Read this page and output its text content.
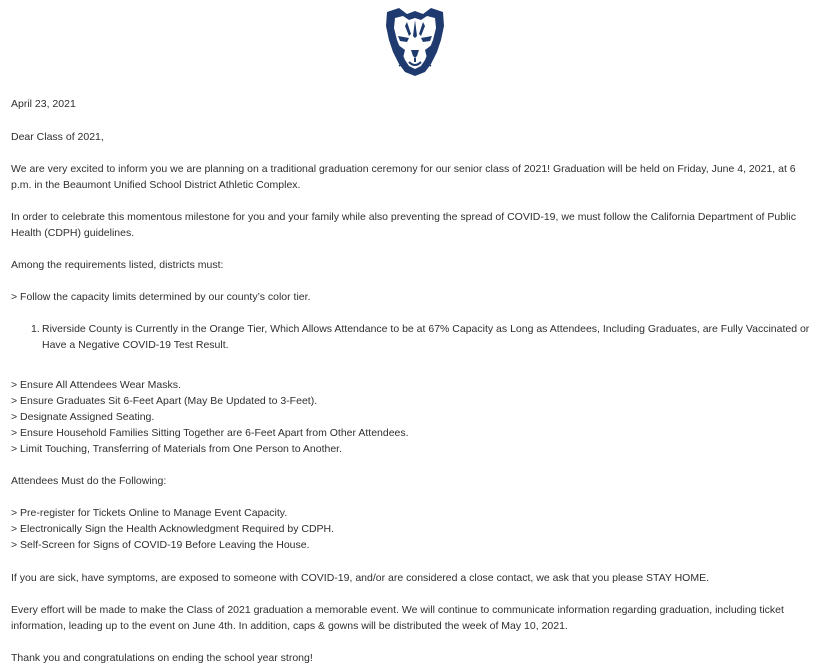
April 23, 2021

Dear Class of 2021,

We are very excited to inform you we are planning on a traditional graduation ceremony for our senior class of 2021! Graduation will be held on Friday, June 4, 2021, at 6 p.m. in the Beaumont Unified School District Athletic Complex.

In order to celebrate this momentous milestone for you and your family while also preventing the spread of COVID-19, we must follow the California Department of Public Health (CDPH) guidelines.

Among the requirements listed, districts must:

> Follow the capacity limits determined by our county’s color tier.

1. Riverside County is Currently in the Orange Tier, Which Allows Attendance to be at 67% Capacity as Long as Attendees, Including Graduates, are Fully Vaccinated or Have a Negative COVID-19 Test Result.

> Ensure All Attendees Wear Masks.

> Ensure Graduates Sit 6-Feet Apart (May Be Updated to 3-Feet).

> Designate Assigned Seating.

> Ensure Household Families Sitting Together are 6-Feet Apart from Other Attendees.

> Limit Touching, Transferring of Materials from One Person to Another.

Attendees Must do the Following:

> Pre-register for Tickets Online to Manage Event Capacity.

> Electronically Sign the Health Acknowledgment Required by CDPH.

> Self-Screen for Signs of COVID-19 Before Leaving the House.

If you are sick, have symptoms, are exposed to someone with COVID-19, and/or are considered a close contact, we ask that you please STAY HOME.

Every effort will be made to make the Class of 2021 graduation a memorable event. We will continue to communicate information regarding graduation, including ticket information, leading up to the event on June 4th. In addition, caps & gowns will be distributed the week of May 10, 2021.

Thank you and congratulations on ending the school year strong!
